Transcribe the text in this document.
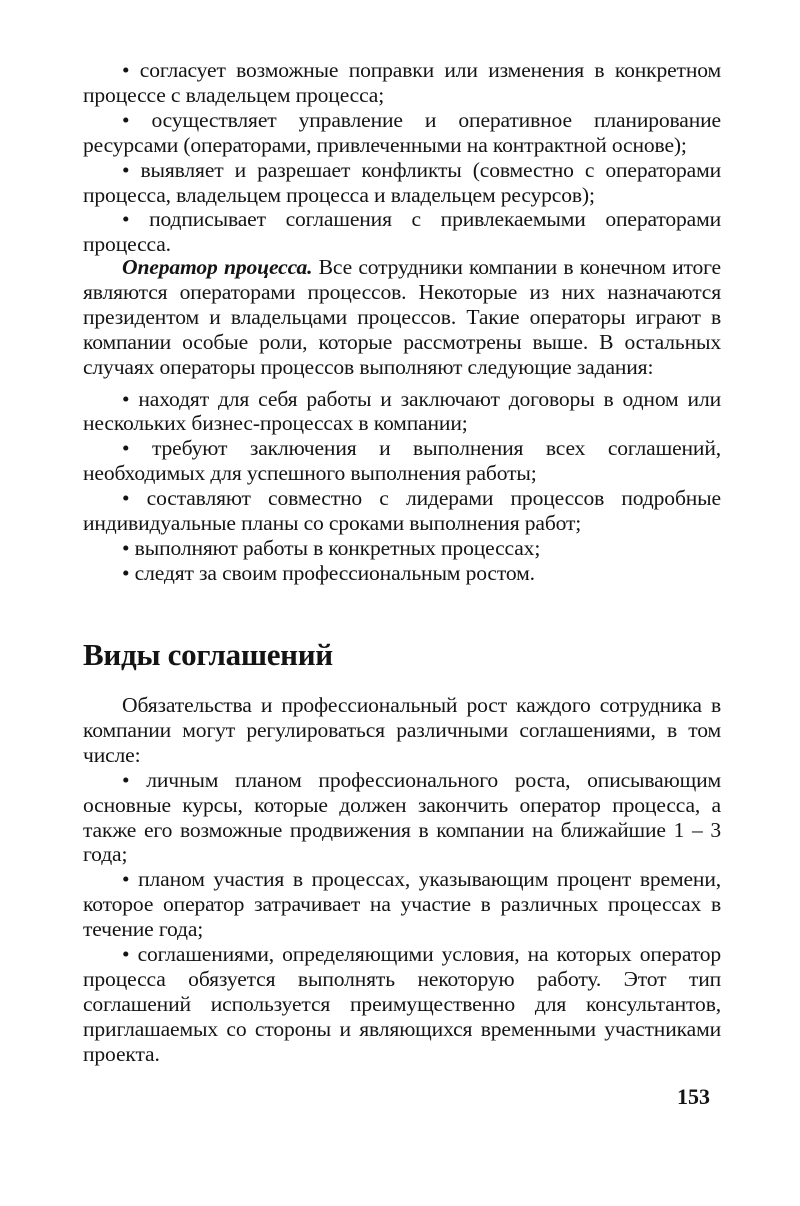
• согласует возможные поправки или изменения в конкретном процессе с владельцем процесса;

• осуществляет управление и оперативное планирование ресурсами (операторами, привлеченными на контрактной основе);

• выявляет и разрешает конфликты (совместно с операторами процесса, владельцем процесса и владельцем ресурсов);

• подписывает соглашения с привлекаемыми операторами процесса.

Оператор процесса. Все сотрудники компании в конечном итоге являются операторами процессов. Некоторые из них назначаются президентом и владельцами процессов. Такие операторы играют в компании особые роли, которые рассмотрены выше. В остальных случаях операторы процессов выполняют следующие задания:

• находят для себя работы и заключают договоры в одном или нескольких бизнес-процессах в компании;

• требуют заключения и выполнения всех соглашений, необходимых для успешного выполнения работы;

• составляют совместно с лидерами процессов подробные индивидуальные планы со сроками выполнения работ;

• выполняют работы в конкретных процессах;

• следят за своим профессиональным ростом.

Виды соглашений

Обязательства и профессиональный рост каждого сотрудника в компании могут регулироваться различными соглашениями, в том числе:

• личным планом профессионального роста, описывающим основные курсы, которые должен закончить оператор процесса, а также его возможные продвижения в компании на ближайшие 1 – 3 года;

• планом участия в процессах, указывающим процент времени, которое оператор затрачивает на участие в различных процессах в течение года;

• соглашениями, определяющими условия, на которых оператор процесса обязуется выполнять некоторую работу. Этот тип соглашений используется преимущественно для консультантов, приглашаемых со стороны и являющихся временными участниками проекта.

153
